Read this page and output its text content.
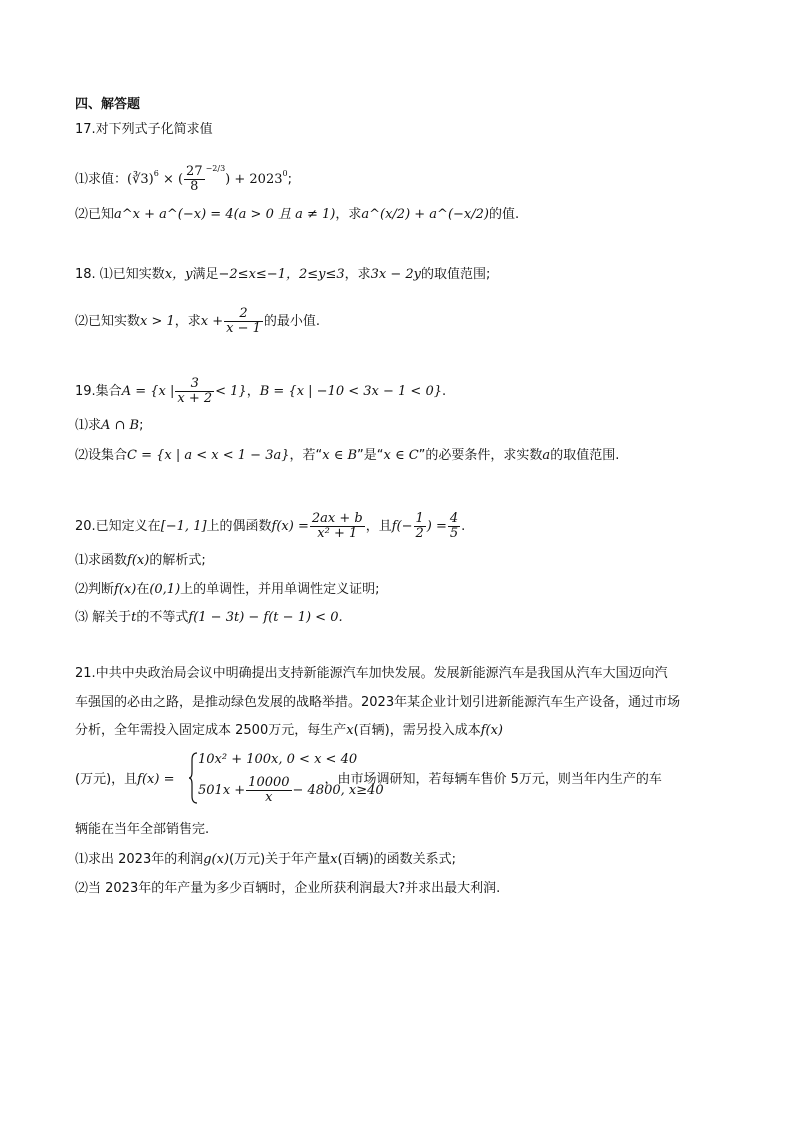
四、解答题
17.对下列式子化简求值
⑴求值：(∛3)$^6$ × ( $\frac{27}{8} ^{-2/3}) + 2023^0$;
⑵已知a^x + a^(−x) = 4(a > 0 且 a ≠ 1)，求a^(x/2) + a^(−x/2)的值.
18. ⑴已知实数x，y满足−2≤x≤−1，2≤y≤3，求3x − 2y的取值范围;
⑵已知实数x > 1，求$x + \frac{2}{x - 1}$ 的最小值.
19.集合A = {x | $\frac{3}{x + 2} < 1$}，B = {x | −10 < 3x − 1 < 0}.
⑴求A ∩ B;
⑵设集合C = {x | a < x < 1 − 3a}，若“x ∈ B”是“x ∈ C”的必要条件，求实数a的取值范围.
20.已知定义在[−1, 1]上的偶函数$f(x) = \frac{2ax + b}{\text{x² + 1}}$ ，且$f(- \frac{1}{2}$ ) = $\frac{4}{5}$ .
⑴求函数f(x)的解析式;
⑵判断f(x)在(0,1)上的单调性，并用单调性定义证明;
⑶ 解关于t的不等式f(1 − 3t) − f(t − 1) < 0.
21.中共中央政治局会议中明确提出支持新能源汽车加快发展。发展新能源汽车是我国从汽车大国迈向汽
车强国的必由之路，是推动绿色发展的战略举措。2023年某企业计划引进新能源汽车生产设备，通过市场
分析，全年需投入固定成本 2500万元，每生产x(百辆)，需另投入成本f(x)
(万元)，且f(x) =	，由市场调研知，若每辆车售价 5万元，则当年内生产的车
10x² + 100x, 0 < x < 40
$501x + \frac{10000}{x} - 4800$, x≥40
辆能在当年全部销售完.
⑴求出 2023年的利润g(x)(万元)关于年产量x(百辆)的函数关系式;
⑵当 2023年的年产量为多少百辆时，企业所获利润最大?并求出最大利润.
